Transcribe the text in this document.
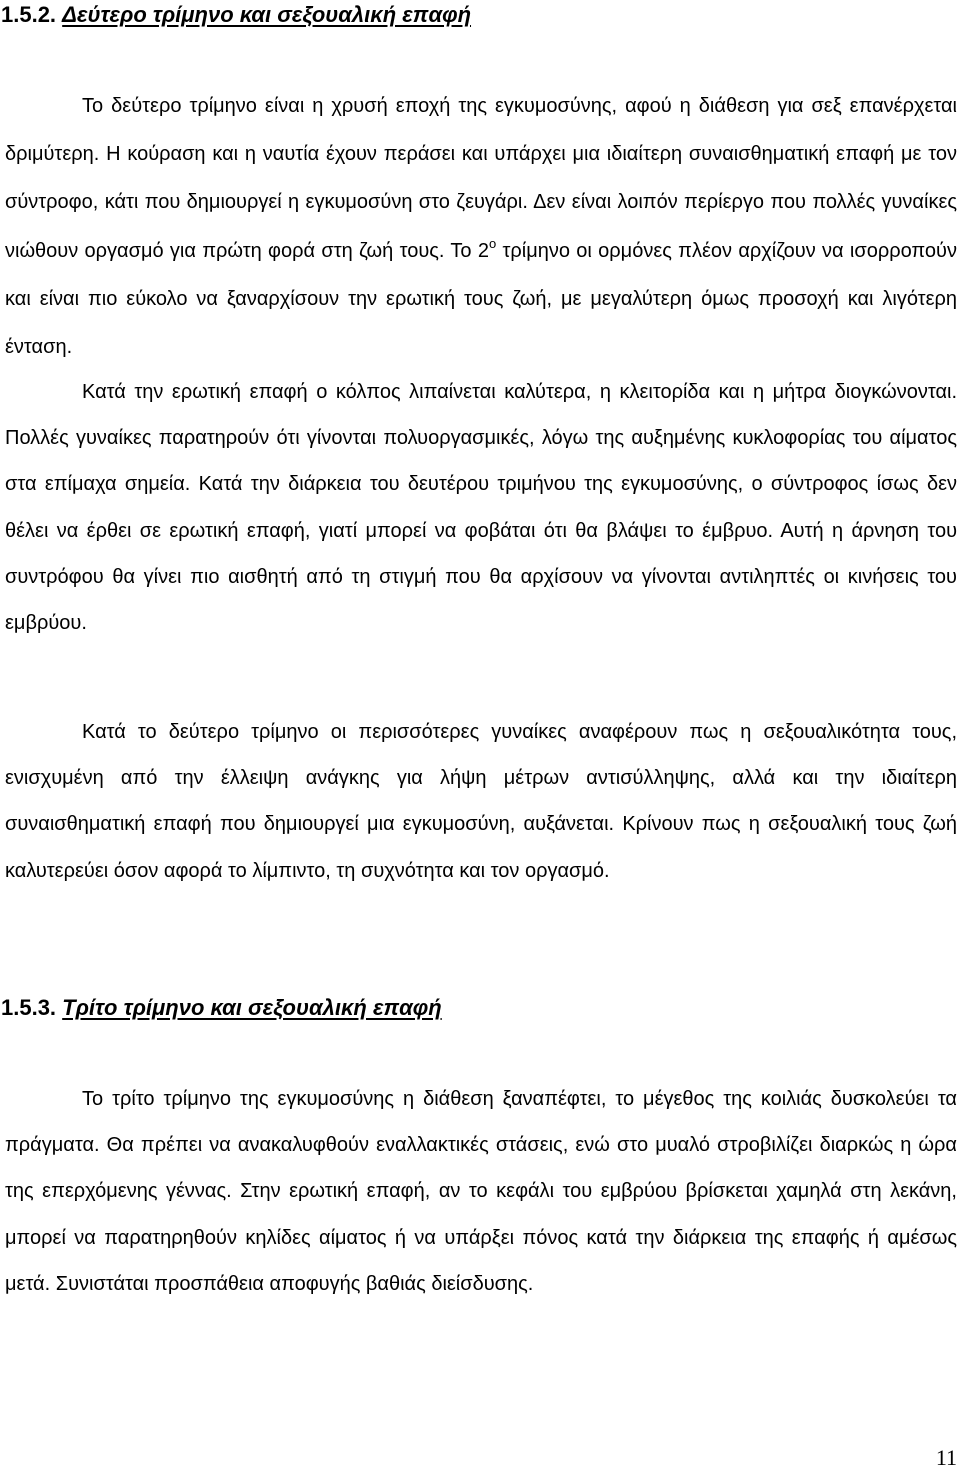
1.5.2. Δεύτερο τρίμηνο και σεξουαλική επαφή

Το δεύτερο τρίμηνο είναι η χρυσή εποχή της εγκυμοσύνης, αφού η διάθεση για σεξ επανέρχεται δριμύτερη. Η κούραση και η ναυτία έχουν περάσει και υπάρχει μια ιδιαίτερη συναισθηματική επαφή με τον σύντροφο, κάτι που δημιουργεί η εγκυμοσύνη στο ζευγάρι. Δεν είναι λοιπόν περίεργο που πολλές γυναίκες νιώθουν οργασμό για πρώτη φορά στη ζωή τους. Το $2^o$ τρίμηνο οι ορμόνες πλέον αρχίζουν να ισορροπούν και είναι πιο εύκολο να ξαναρχίσουν την ερωτική τους ζωή, με μεγαλύτερη όμως προσοχή και λιγότερη ένταση.

Κατά την ερωτική επαφή ο κόλπος λιπαίνεται καλύτερα, η κλειτορίδα και η μήτρα διογκώνονται. Πολλές γυναίκες παρατηρούν ότι γίνονται πολυοργασμικές, λόγω της αυξημένης κυκλοφορίας του αίματος στα επίμαχα σημεία. Κατά την διάρκεια του δευτέρου τριμήνου της εγκυμοσύνης, ο σύντροφος ίσως δεν θέλει να έρθει σε ερωτική επαφή, γιατί μπορεί να φοβάται ότι θα βλάψει το έμβρυο. Αυτή η άρνηση του συντρόφου θα γίνει πιο αισθητή από τη στιγμή που θα αρχίσουν να γίνονται αντιληπτές οι κινήσεις του εμβρύου.

Κατά το δεύτερο τρίμηνο οι περισσότερες γυναίκες αναφέρουν πως η σεξουαλικότητα τους, ενισχυμένη από την έλλειψη ανάγκης για λήψη μέτρων αντισύλληψης, αλλά και την ιδιαίτερη συναισθηματική επαφή που δημιουργεί μια εγκυμοσύνη, αυξάνεται. Κρίνουν πως η σεξουαλική τους ζωή καλυτερεύει όσον αφορά το λίμπιντο, τη συχνότητα και τον οργασμό.

1.5.3. Τρίτο τρίμηνο και σεξουαλική επαφή

Το τρίτο τρίμηνο της εγκυμοσύνης η διάθεση ξαναπέφτει, το μέγεθος της κοιλιάς δυσκολεύει τα πράγματα. Θα πρέπει να ανακαλυφθούν εναλλακτικές στάσεις, ενώ στο μυαλό στροβιλίζει διαρκώς η ώρα της επερχόμενης γέννας. Στην ερωτική επαφή, αν το κεφάλι του εμβρύου βρίσκεται χαμηλά στη λεκάνη, μπορεί να παρατηρηθούν κηλίδες αίματος ή να υπάρξει πόνος κατά την διάρκεια της επαφής ή αμέσως μετά. Συνιστάται προσπάθεια αποφυγής βαθιάς διείσδυσης.

11
